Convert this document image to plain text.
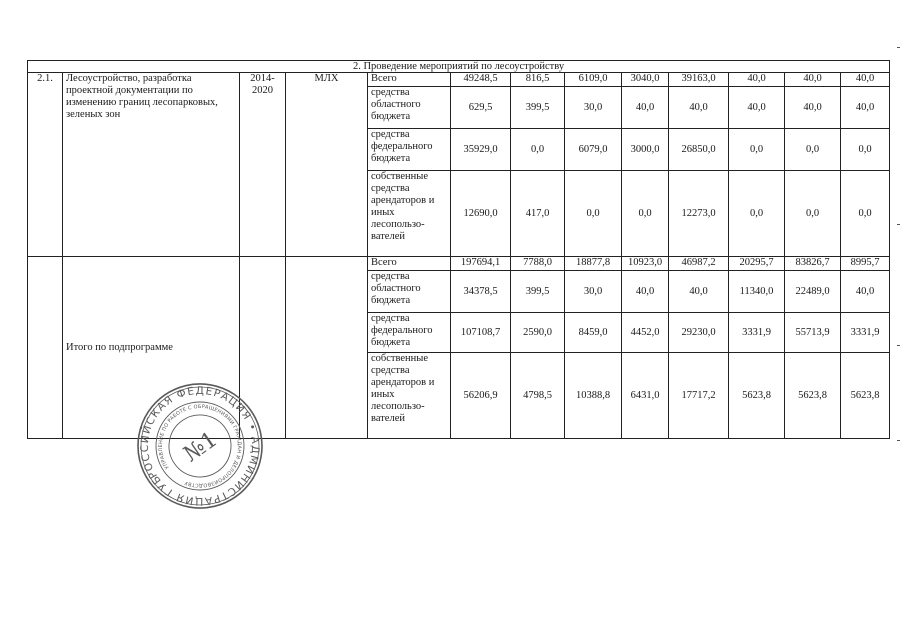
2. Проведение мероприятий по лесоустройству												
2.1.	Лесоустройство, разработка проектной документации по изменению границ лесопарковых, зеленых зон	2014-2020	МЛХ	Всего	49248,5	816,5	6109,0	3040,0	39163,0	40,0	40,0	40,0
				средства областного бюджета	629,5	399,5	30,0	40,0	40,0	40,0	40,0	40,0
				средства федерального бюджета	35929,0	0,0	6079,0	3000,0	26850,0	0,0	0,0	0,0
				собственные средства арендаторов и иных лесопользо-вателей	12690,0	417,0	0,0	0,0	12273,0	0,0	0,0	0,0
	Итого по подпрограмме			Всего	197694,1	7788,0	18877,8	10923,0	46987,2	20295,7	83826,7	8995,7
				средства областного бюджета	34378,5	399,5	30,0	40,0	40,0	11340,0	22489,0	40,0
				средства федерального бюджета	107108,7	2590,0	8459,0	4452,0	29230,0	3331,9	55713,9	3331,9
				собственные средства арендаторов и иных лесопользо-вателей	56206,9	4798,5	10388,8	6431,0	17717,2	5623,8	5623,8	5623,8
РОССИЙСКАЯ ФЕДЕРАЦИЯ • АДМИНИСТРАЦИЯ ГУБЕРНАТОРА
УПРАВЛЕНИЕ ПО РАБОТЕ С ОБРАЩЕНИЯМИ ГРАЖДАН И ДЕЛОПРОИЗВОДСТВУ
№1
